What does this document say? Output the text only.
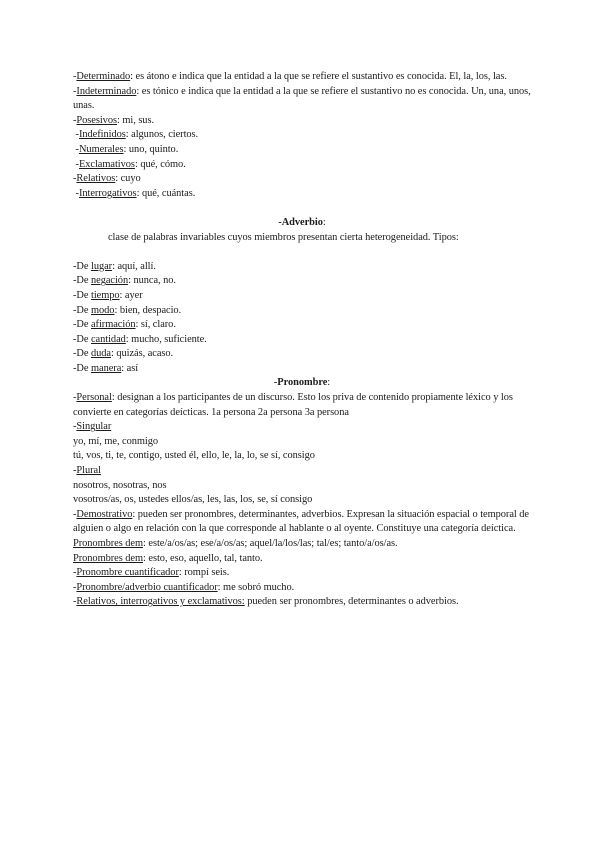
-Determinado: es átono e indica que la entidad a la que se refiere el sustantivo es conocida. El, la, los, las.
-Indeterminado: es tónico e indica que la entidad a la que se refiere el sustantivo no es conocida. Un, una, unos, unas.
-Posesivos: mi, sus.
-Indefinidos: algunos, ciertos.
-Numerales: uno, quinto.
-Exclamativos: qué, cómo.
-Relativos: cuyo
-Interrogativos: qué, cuántas.
-Adverbio:
clase de palabras invariables cuyos miembros presentan cierta heterogeneidad. Tipos:
-De lugar: aquí, allí.
-De negación: nunca, no.
-De tiempo: ayer
-De modo: bien, despacio.
-De afirmación: sí, claro.
-De cantidad: mucho, suficiente.
-De duda: quizás, acaso.
-De manera: así
-Pronombre:
-Personal: designan a los participantes de un discurso. Esto los priva de contenido propiamente léxico y los convierte en categorías deícticas. 1a persona 2a persona 3a persona
-Singular
yo, mí, me, conmigo
tú, vos, ti, te, contigo, usted él, ello, le, la, lo, se sí, consigo
-Plural
nosotros, nosotras, nos
vosotros/as, os, ustedes ellos/as, les, las, los, se, sí consigo
-Demostrativo: pueden ser pronombres, determinantes, adverbios. Expresan la situación espacial o temporal de alguien o algo en relación con la que corresponde al hablante o al oyente. Constituye una categoría deíctica.
Pronombres dem: este/a/os/as; ese/a/os/as; aquel/la/los/las; tal/es; tanto/a/os/as.
Pronombres dem: esto, eso, aquello, tal, tanto.
-Pronombre cuantificador: rompí seis.
-Pronombre/adverbio cuantificador: me sobró mucho.
-Relativos, interrogativos y exclamativos: pueden ser pronombres, determinantes o adverbios.
